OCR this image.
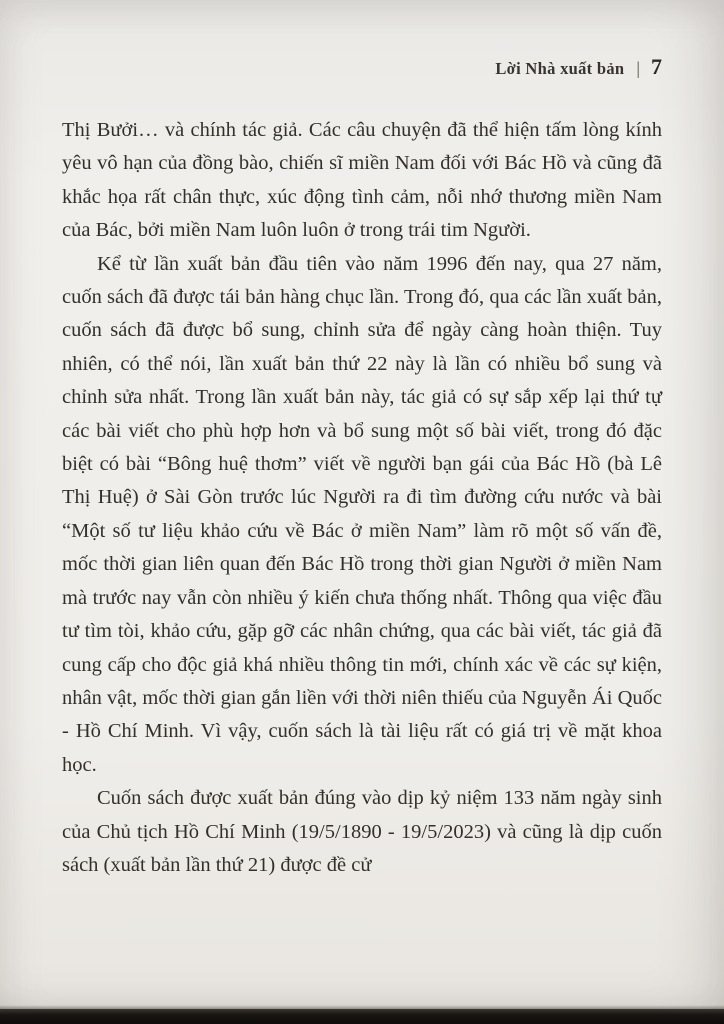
Lời Nhà xuất bản | 7

Thị Bưởi… và chính tác giả. Các câu chuyện đã thể hiện tấm lòng kính yêu vô hạn của đồng bào, chiến sĩ miền Nam đối với Bác Hồ và cũng đã khắc họa rất chân thực, xúc động tình cảm, nỗi nhớ thương miền Nam của Bác, bởi miền Nam luôn luôn ở trong trái tim Người.

Kể từ lần xuất bản đầu tiên vào năm 1996 đến nay, qua 27 năm, cuốn sách đã được tái bản hàng chục lần. Trong đó, qua các lần xuất bản, cuốn sách đã được bổ sung, chỉnh sửa để ngày càng hoàn thiện. Tuy nhiên, có thể nói, lần xuất bản thứ 22 này là lần có nhiều bổ sung và chỉnh sửa nhất. Trong lần xuất bản này, tác giả có sự sắp xếp lại thứ tự các bài viết cho phù hợp hơn và bổ sung một số bài viết, trong đó đặc biệt có bài “Bông huệ thơm” viết về người bạn gái của Bác Hồ (bà Lê Thị Huệ) ở Sài Gòn trước lúc Người ra đi tìm đường cứu nước và bài “Một số tư liệu khảo cứu về Bác ở miền Nam” làm rõ một số vấn đề, mốc thời gian liên quan đến Bác Hồ trong thời gian Người ở miền Nam mà trước nay vẫn còn nhiều ý kiến chưa thống nhất. Thông qua việc đầu tư tìm tòi, khảo cứu, gặp gỡ các nhân chứng, qua các bài viết, tác giả đã cung cấp cho độc giả khá nhiều thông tin mới, chính xác về các sự kiện, nhân vật, mốc thời gian gắn liền với thời niên thiếu của Nguyễn Ái Quốc - Hồ Chí Minh. Vì vậy, cuốn sách là tài liệu rất có giá trị về mặt khoa học.

Cuốn sách được xuất bản đúng vào dịp kỷ niệm 133 năm ngày sinh của Chủ tịch Hồ Chí Minh (19/5/1890 - 19/5/2023) và cũng là dịp cuốn sách (xuất bản lần thứ 21) được đề cử
